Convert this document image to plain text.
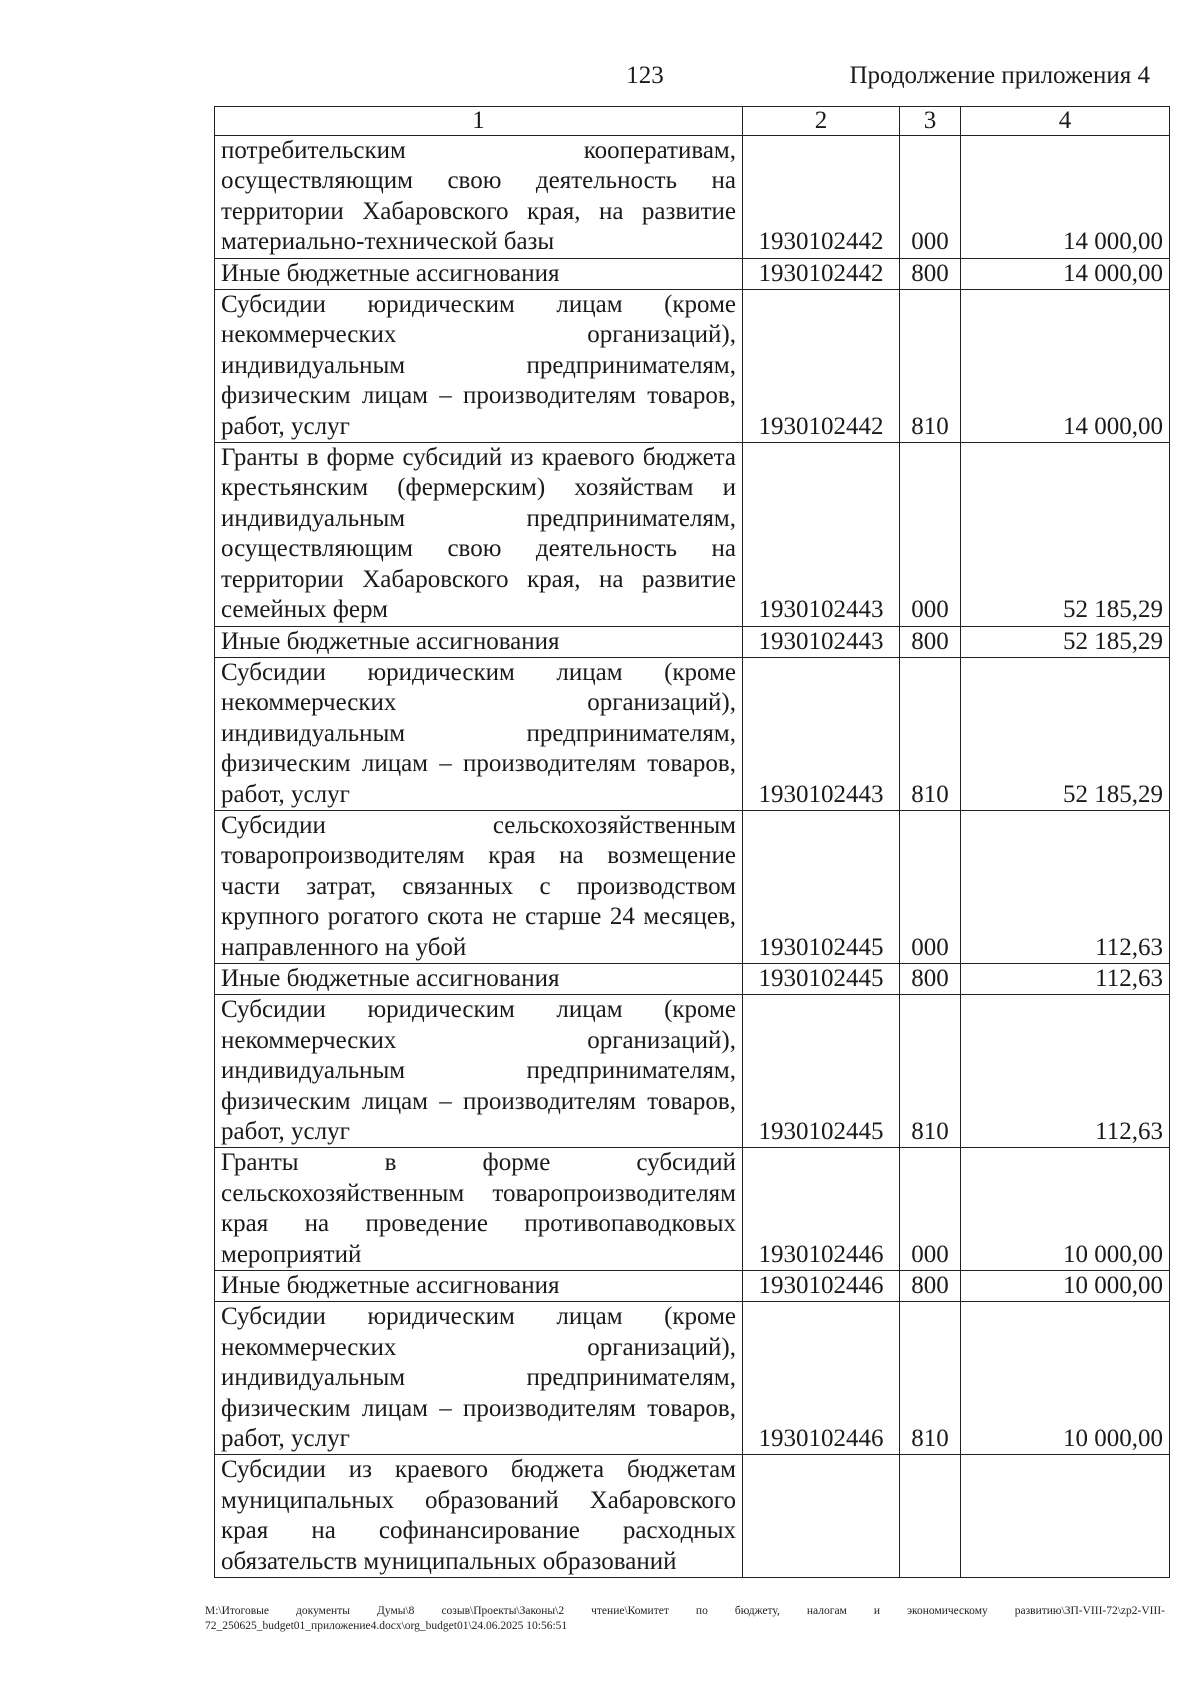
123	Продолжение приложения 4
1	2	3	4
потребительским кооперативам, осуществляющим свою деятельность на территории Хабаровского края, на развитие материально-технической базы	1930102442	000	14 000,00
Иные бюджетные ассигнования	1930102442	800	14 000,00
Субсидии юридическим лицам (кроме некоммерческих организаций), индивидуальным предпринимателям, физическим лицам – производителям товаров, работ, услуг	1930102442	810	14 000,00
Гранты в форме субсидий из краевого бюджета крестьянским (фермерским) хозяйствам и индивидуальным предпринимателям, осуществляющим свою деятельность на территории Хабаровского края, на развитие семейных ферм	1930102443	000	52 185,29
Иные бюджетные ассигнования	1930102443	800	52 185,29
Субсидии юридическим лицам (кроме некоммерческих организаций), индивидуальным предпринимателям, физическим лицам – производителям товаров, работ, услуг	1930102443	810	52 185,29
Субсидии сельскохозяйственным товаропроизводителям края на возмещение части затрат, связанных с производством крупного рогатого скота не старше 24 месяцев, направленного на убой	1930102445	000	112,63
Иные бюджетные ассигнования	1930102445	800	112,63
Субсидии юридическим лицам (кроме некоммерческих организаций), индивидуальным предпринимателям, физическим лицам – производителям товаров, работ, услуг	1930102445	810	112,63
Гранты в форме субсидий сельскохозяйственным товаропроизводителям края на проведение противопаводковых мероприятий	1930102446	000	10 000,00
Иные бюджетные ассигнования	1930102446	800	10 000,00
Субсидии юридическим лицам (кроме некоммерческих организаций), индивидуальным предпринимателям, физическим лицам – производителям товаров, работ, услуг	1930102446	810	10 000,00
Субсидии из краевого бюджета бюджетам муниципальных образований Хабаровского края на софинансирование расходных обязательств муниципальных образований			
M:\Итоговые документы Думы\8 созыв\Проекты\Законы\2 чтение\Комитет по бюджету, налогам и экономическому развитию\ЗП-VIII-72\zp2-VIII-72_250625_budget01_приложение4.docx\org_budget01\24.06.2025 10:56:51
